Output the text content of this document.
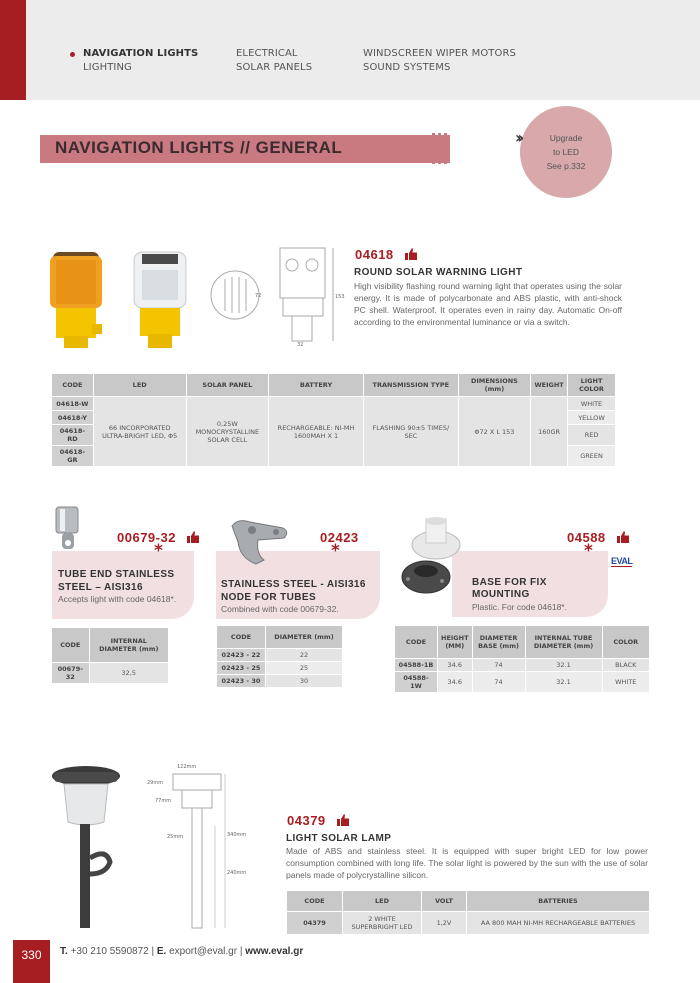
NAVIGATION LIGHTS
LIGHTING
ELECTRICAL
SOLAR PANELS
WINDSCREEN WIPER MOTORS
SOUND SYSTEMS
NAVIGATION LIGHTS // GENERAL	Upgrade
to LED
See p.332
››
72	153
32
04618
ROUND SOLAR WARNING LIGHT
High visibility flashing round warning light that operates using the solar energy. It is made of polycarbonate and ABS plastic, with anti-shock PC shell. Waterproof. It operates even in rainy day. Automatic On-off according to the environmental luminance or via a switch.
CODE	LED	SOLAR PANEL	BATTERY	TRANSMISSION TYPE	DIMENSIONS (mm)	WEIGHT	LIGHT COLOR
04618-W	66 INCORPORATED ULTRA-BRIGHT LED, Φ5	0,25W MONOCRYSTALLINE SOLAR CELL	RECHARGEABLE: NI-MH 1600MAH X 1	FLASHING 90±5 TIMES/ SEC	Φ72 X L 153	160GR	WHITE
04618-Y							YELLOW
04618-RD							RED
04618-GR							GREEN
00679-32
*
TUBE END STAINLESS
STEEL – AISI316
Accepts light with code 04618*.
CODE	INTERNAL DIAMETER (mm)
00679-32	32,5
02423
*
STAINLESS STEEL - AISI316
NODE FOR TUBES
Combined with code 00679-32.
CODE	DIAMETER (mm)
02423 - 22	22
02423 - 25	25
02423 - 30	30
04588
* EVAL
BASE FOR FIX
MOUNTING
Plastic. For code 04618*.
CODE	HEIGHT (MM)	DIAMETER BASE (mm)	INTERNAL TUBE DIAMETER (mm)	COLOR
04588-1B	34.6	74	32.1	BLACK
04588-1W	34.6	74	32.1	WHITE
122mm
29mm
77mm
25mm	340mm
240mm
04379
LIGHT SOLAR LAMP
Made of ABS and stainless steel. It is equipped with super bright LED for low power consumption combined with long life. The solar light is powered by the sun with the use of solar panels made of polycrystalline silicon.
CODE	LED	VOLT	BATTERIES
04379	2 WHITE SUPERBRIGHT LED	1,2V	AA 800 MAH NI-MH RECHARGEABLE BATTERIES
330	T. +30 210 5590872 | E. export@eval.gr | www.eval.gr
